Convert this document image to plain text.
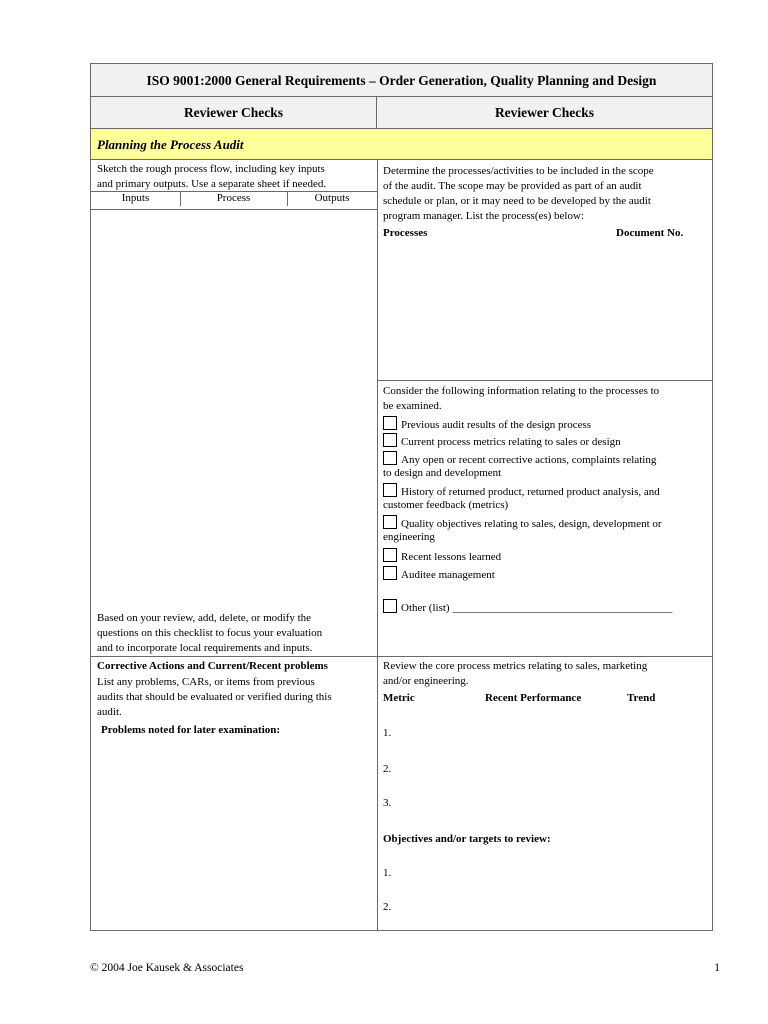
ISO 9001:2000 General Requirements – Order Generation, Quality Planning and Design
Reviewer Checks	Reviewer Checks
Planning the Process Audit
Sketch the rough process flow, including key inputs
and primary outputs. Use a separate sheet if needed.
Inputs	Process	Outputs
Based on your review, add, delete, or modify the
questions on this checklist to focus your evaluation
and to incorporate local requirements and inputs.
Determine the processes/activities to be included in the scope
of the audit. The scope may be provided as part of an audit
schedule or plan, or it may need to be developed by the audit
program manager. List the process(es) below:
Processes	Document No.
Consider the following information relating to the processes to
be examined.
Previous audit results of the design process
Current process metrics relating to sales or design
Any open or recent corrective actions, complaints relating
to design and development
History of returned product, returned product analysis, and
customer feedback (metrics)
Quality objectives relating to sales, design, development or
engineering
Recent lessons learned
Auditee management
Other (list) ________________________________________
Corrective Actions and Current/Recent problems
List any problems, CARs, or items from previous
audits that should be evaluated or verified during this
audit.
Problems noted for later examination:
Review the core process metrics relating to sales, marketing
and/or engineering.
Metric	Recent Performance	Trend
1.
2.
3.
Objectives and/or targets to review:
1.
2.
© 2004 Joe Kausek & Associates	1
